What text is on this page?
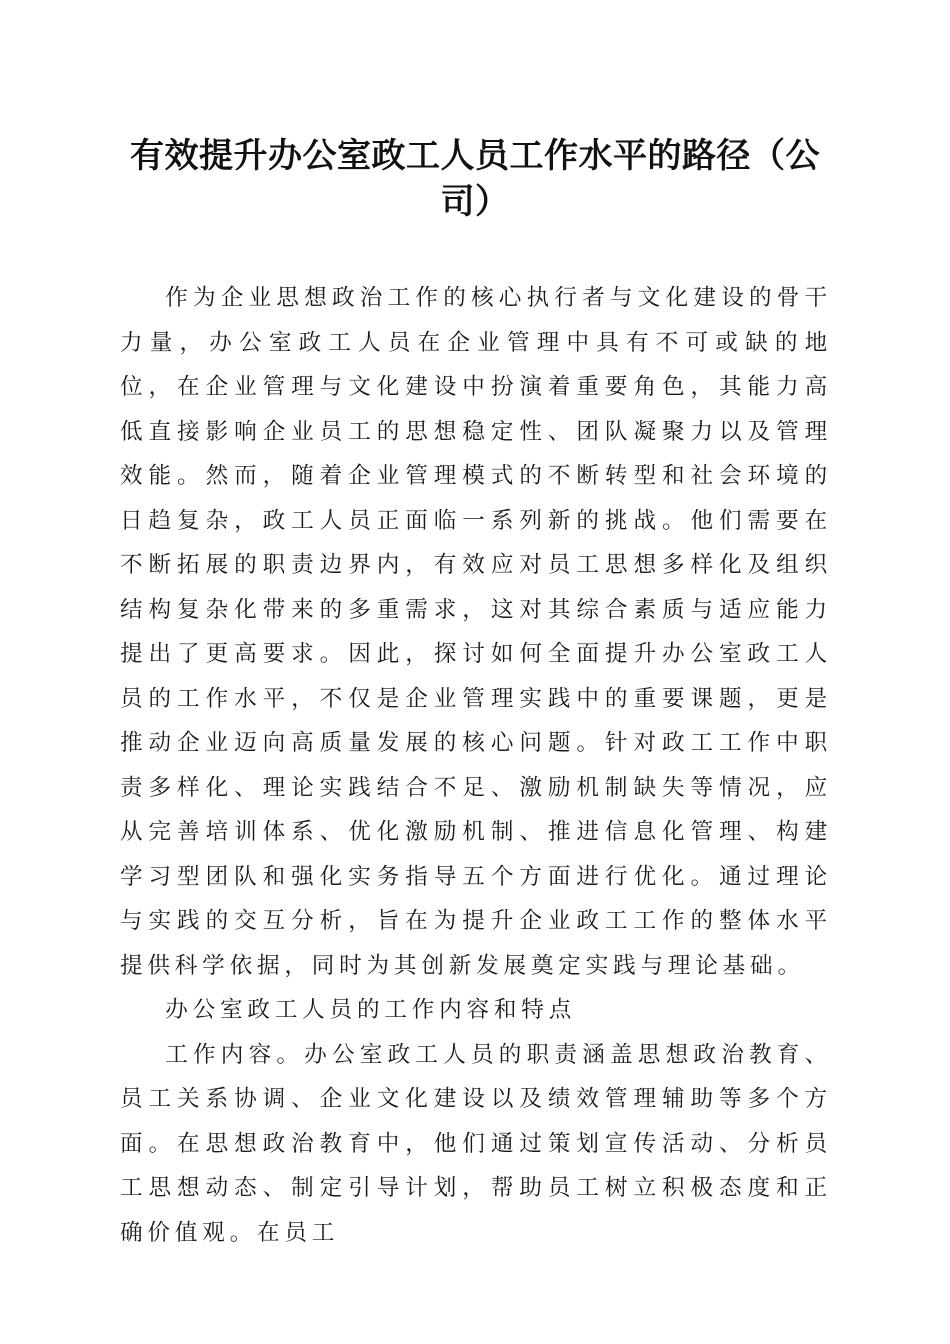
有效提升办公室政工人员工作水平的路径（公司）

作为企业思想政治工作的核心执行者与文化建设的骨干力量，办公室政工人员在企业管理中具有不可或缺的地位，在企业管理与文化建设中扮演着重要角色，其能力高低直接影响企业员工的思想稳定性、团队凝聚力以及管理效能。然而，随着企业管理模式的不断转型和社会环境的日趋复杂，政工人员正面临一系列新的挑战。他们需要在不断拓展的职责边界内，有效应对员工思想多样化及组织结构复杂化带来的多重需求，这对其综合素质与适应能力提出了更高要求。因此，探讨如何全面提升办公室政工人员的工作水平，不仅是企业管理实践中的重要课题，更是推动企业迈向高质量发展的核心问题。针对政工工作中职责多样化、理论实践结合不足、激励机制缺失等情况，应从完善培训体系、优化激励机制、推进信息化管理、构建学习型团队和强化实务指导五个方面进行优化。通过理论与实践的交互分析，旨在为提升企业政工工作的整体水平提供科学依据，同时为其创新发展奠定实践与理论基础。

办公室政工人员的工作内容和特点

工作内容。办公室政工人员的职责涵盖思想政治教育、员工关系协调、企业文化建设以及绩效管理辅助等多个方面。在思想政治教育中，他们通过策划宣传活动、分析员工思想动态、制定引导计划，帮助员工树立积极态度和正确价值观。在员工
